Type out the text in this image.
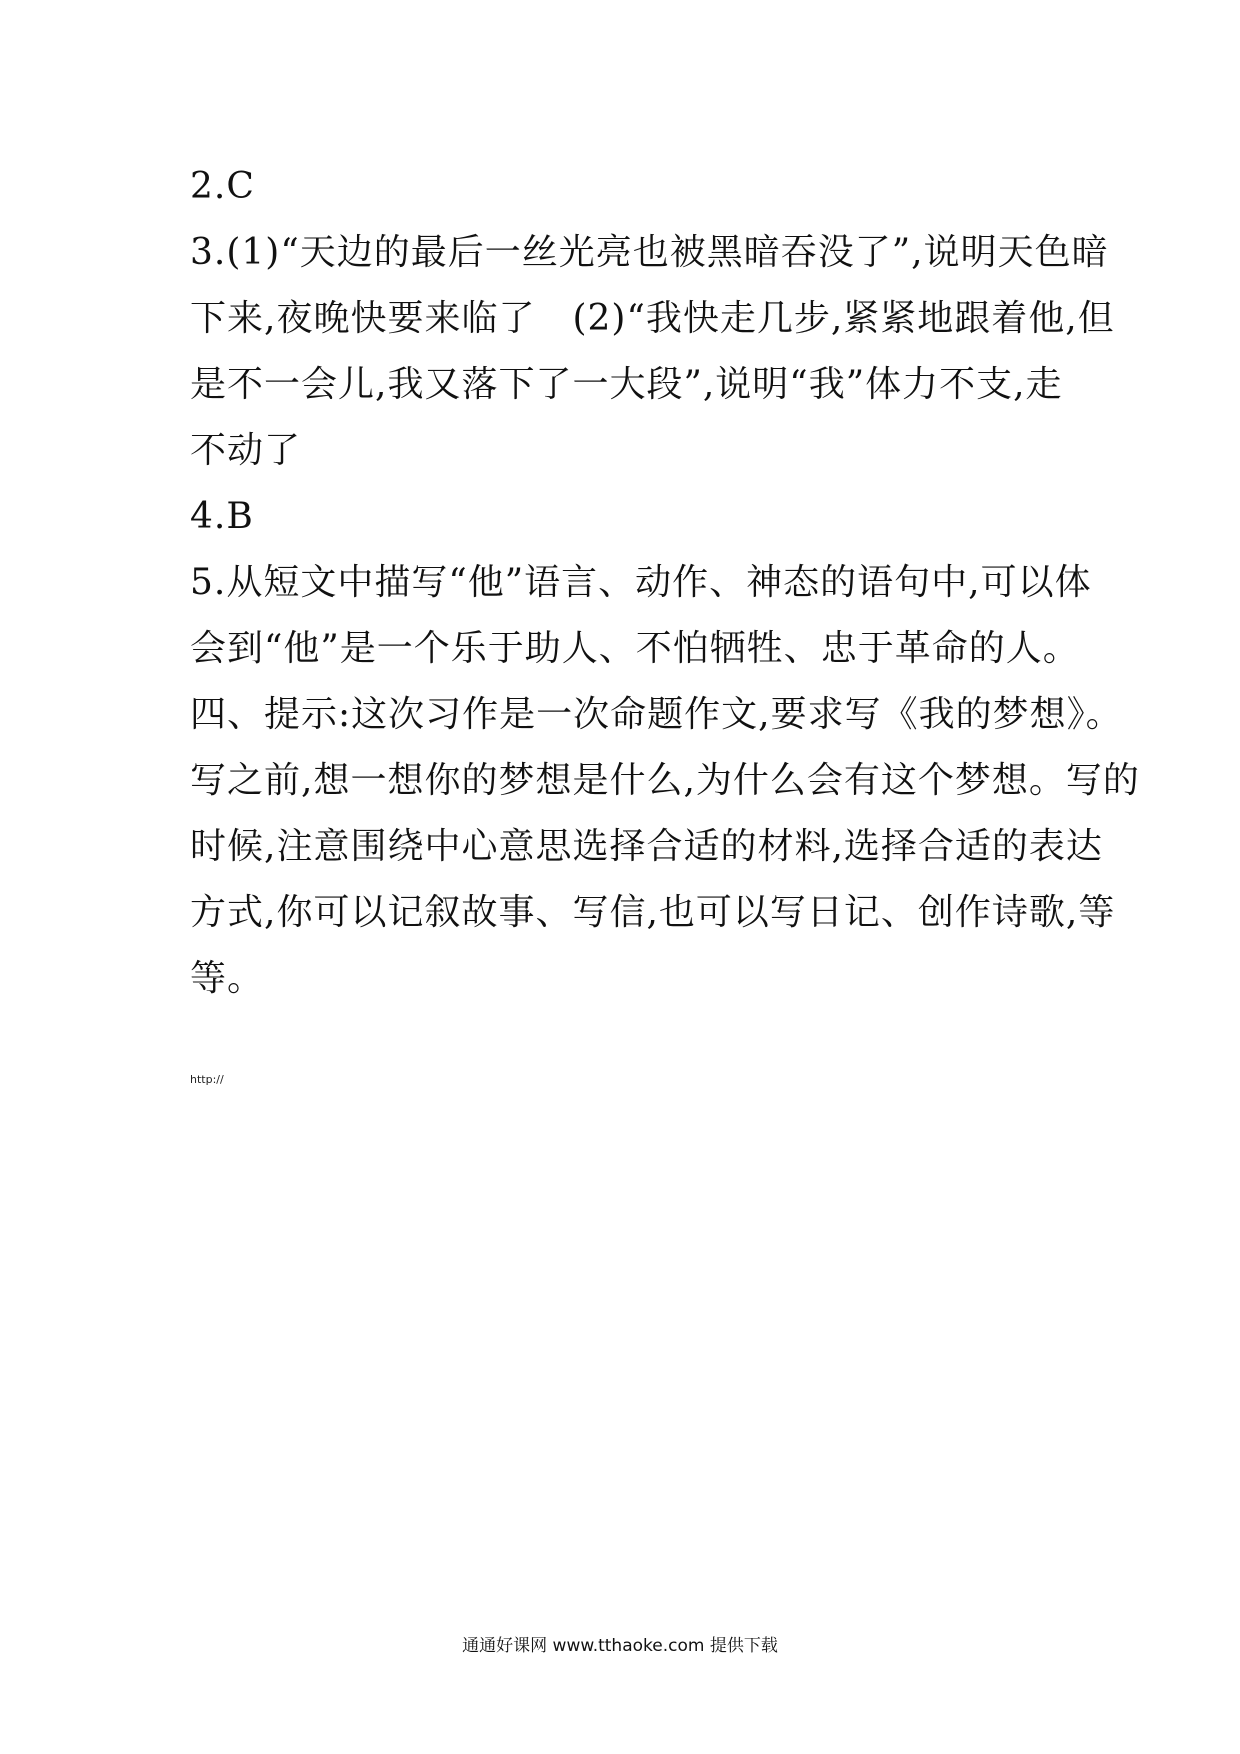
2.C
3.(1)“天边的最后一丝光亮也被黑暗吞没了”,说明天色暗
下来,夜晚快要来临了　(2)“我快走几步,紧紧地跟着他,但
是不一会儿,我又落下了一大段”,说明“我”体力不支,走
不动了
4.B
5.从短文中描写“他”语言、动作、神态的语句中,可以体
会到“他”是一个乐于助人、不怕牺牲、忠于革命的人。
四、提示:这次习作是一次命题作文,要求写《我的梦想》。
写之前,想一想你的梦想是什么,为什么会有这个梦想。写的
时候,注意围绕中心意思选择合适的材料,选择合适的表达
方式,你可以记叙故事、写信,也可以写日记、创作诗歌,等
等。
http://
通通好课网 www.tthaoke.com 提供下载
